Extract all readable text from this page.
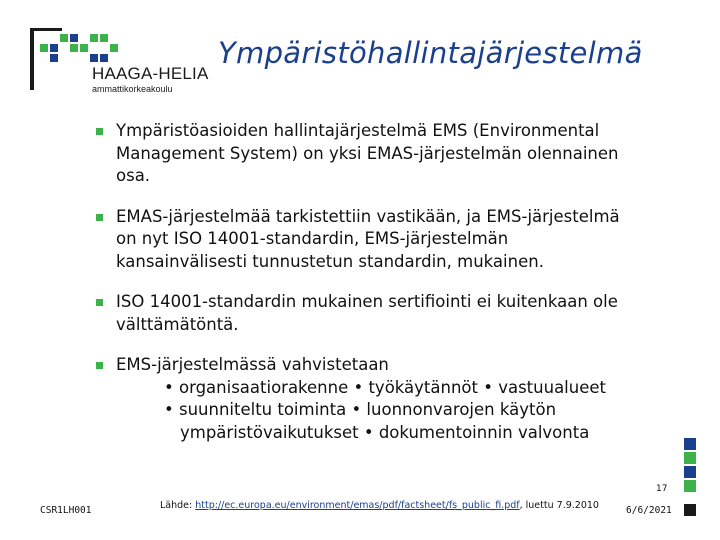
HAAGA-HELIA
ammattikorkeakoulu
Ympäristöhallintajärjestelmä
Ympäristöasioiden hallintajärjestelmä EMS (Environmental
Management System) on yksi EMAS-järjestelmän olennainen
osa.
EMAS-järjestelmää tarkistettiin vastikään, ja EMS-järjestelmä
on nyt ISO 14001-standardin, EMS-järjestelmän
kansainvälisesti tunnustetun standardin, mukainen.
ISO 14001-standardin mukainen sertifiointi ei kuitenkaan ole
välttämätöntä.
EMS-järjestelmässä vahvistetaan
• organisaatiorakenne • työkäytännöt • vastuualueet
• suunniteltu toiminta • luonnonvarojen käytön
ympäristövaikutukset • dokumentoinnin valvonta
17
CSR1LH001	Lähde: http://ec.europa.eu/environment/emas/pdf/factsheet/fs_public_fi.pdf, luettu 7.9.2010	6/6/2021
